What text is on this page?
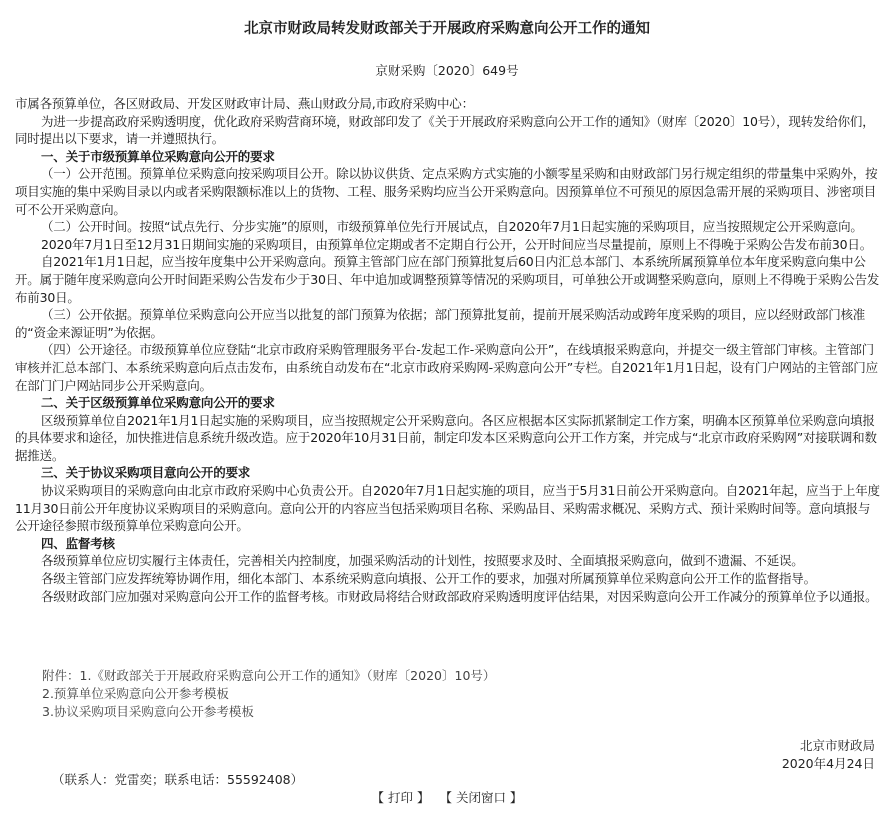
北京市财政局转发财政部关于开展政府采购意向公开工作的通知
京财采购〔2020〕649号

市属各预算单位，各区财政局、开发区财政审计局、燕山财政分局,市政府采购中心：

为进一步提高政府采购透明度，优化政府采购营商环境，财政部印发了《关于开展政府采购意向公开工作的通知》（财库〔2020〕10号），现转发给你们，同时提出以下要求，请一并遵照执行。

一、关于市级预算单位采购意向公开的要求

（一）公开范围。预算单位采购意向按采购项目公开。除以协议供货、定点采购方式实施的小额零星采购和由财政部门另行规定组织的带量集中采购外，按项目实施的集中采购目录以内或者采购限额标准以上的货物、工程、服务采购均应当公开采购意向。因预算单位不可预见的原因急需开展的采购项目、涉密项目可不公开采购意向。

（二）公开时间。按照“试点先行、分步实施”的原则，市级预算单位先行开展试点，自2020年7月1日起实施的采购项目，应当按照规定公开采购意向。

2020年7月1日至12月31日期间实施的采购项目，由预算单位定期或者不定期自行公开，公开时间应当尽量提前，原则上不得晚于采购公告发布前30日。

自2021年1月1日起，应当按年度集中公开采购意向。预算主管部门应在部门预算批复后60日内汇总本部门、本系统所属预算单位本年度采购意向集中公开。属于随年度采购意向公开时间距采购公告发布少于30日、年中追加或调整预算等情况的采购项目，可单独公开或调整采购意向，原则上不得晚于采购公告发布前30日。

（三）公开依据。预算单位采购意向公开应当以批复的部门预算为依据；部门预算批复前，提前开展采购活动或跨年度采购的项目，应以经财政部门核准的“资金来源证明”为依据。

（四）公开途径。市级预算单位应登陆“北京市政府采购管理服务平台-发起工作-采购意向公开”，在线填报采购意向，并提交一级主管部门审核。主管部门审核并汇总本部门、本系统采购意向后点击发布，由系统自动发布在“北京市政府采购网-采购意向公开”专栏。自2021年1月1日起，设有门户网站的主管部门应在部门门户网站同步公开采购意向。

二、关于区级预算单位采购意向公开的要求

区级预算单位自2021年1月1日起实施的采购项目，应当按照规定公开采购意向。各区应根据本区实际抓紧制定工作方案，明确本区预算单位采购意向填报的具体要求和途径，加快推进信息系统升级改造。应于2020年10月31日前，制定印发本区采购意向公开工作方案，并完成与“北京市政府采购网”对接联调和数据推送。

三、关于协议采购项目意向公开的要求

协议采购项目的采购意向由北京市政府采购中心负责公开。自2020年7月1日起实施的项目，应当于5月31日前公开采购意向。自2021年起，应当于上年度11月30日前公开年度协议采购项目的采购意向。意向公开的内容应当包括采购项目名称、采购品目、采购需求概况、采购方式、预计采购时间等。意向填报与公开途径参照市级预算单位采购意向公开。

四、监督考核

各级预算单位应切实履行主体责任，完善相关内控制度，加强采购活动的计划性，按照要求及时、全面填报采购意向，做到不遗漏、不延误。

各级主管部门应发挥统筹协调作用，细化本部门、本系统采购意向填报、公开工作的要求，加强对所属预算单位采购意向公开工作的监督指导。

各级财政部门应加强对采购意向公开工作的监督考核。市财政局将结合财政部政府采购透明度评估结果，对因采购意向公开工作减分的预算单位予以通报。

附件：1.《财政部关于开展政府采购意向公开工作的通知》（财库〔2020〕10号）
2.预算单位采购意向公开参考模板
3.协议采购项目采购意向公开参考模板
北京市财政局
2020年4月24日
（联系人：党雷奕；联系电话：55592408）
【 打印 】 【 关闭窗口 】
